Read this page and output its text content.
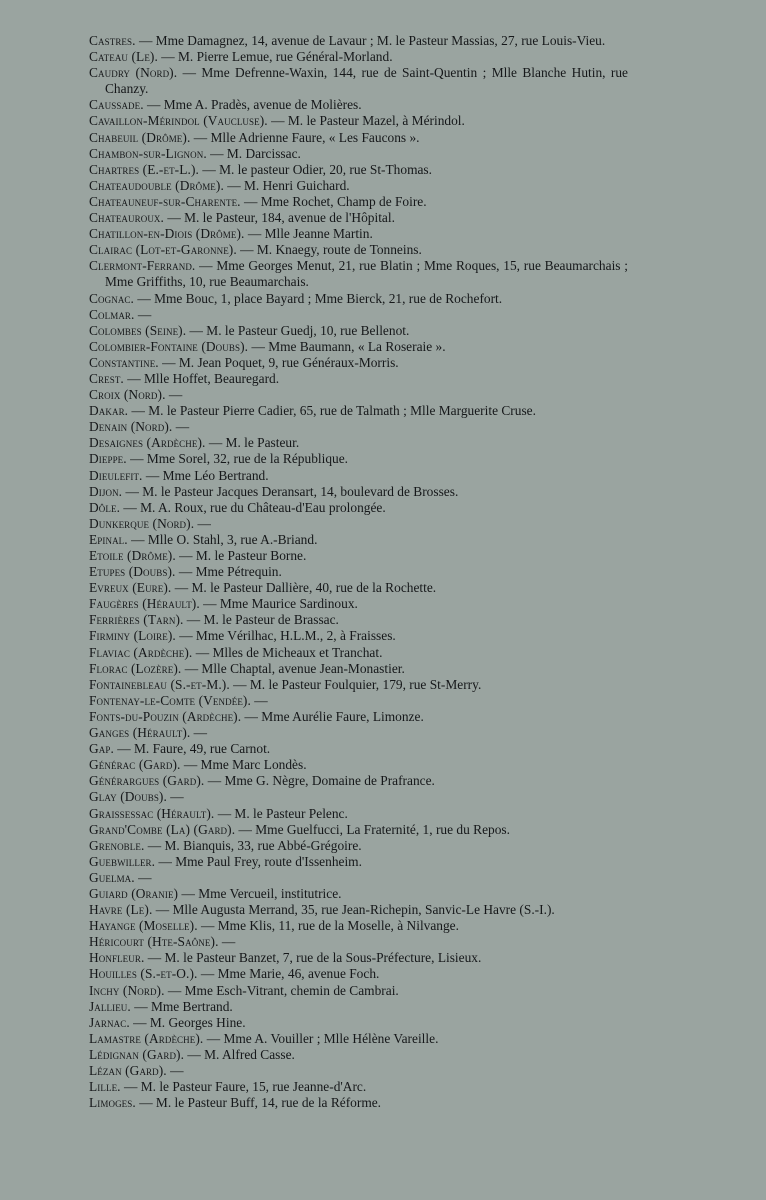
Castres. — Mme Damagnez, 14, avenue de Lavaur ; M. le Pasteur Massias, 27, rue Louis-Vieu.
Cateau (Le). — M. Pierre Lemue, rue Général-Morland.
Caudry (Nord). — Mme Defrenne-Waxin, 144, rue de Saint-Quentin ; Mlle Blanche Hutin, rue Chanzy.
Caussade. — Mme A. Pradès, avenue de Molières.
Cavaillon-Mérindol (Vaucluse). — M. le Pasteur Mazel, à Mérindol.
Chabeuil (Drôme). — Mlle Adrienne Faure, « Les Faucons ».
Chambon-sur-Lignon. — M. Darcissac.
Chartres (E.-et-L.). — M. le pasteur Odier, 20, rue St-Thomas.
Chateaudouble (Drôme). — M. Henri Guichard.
Chateauneuf-sur-Charente. — Mme Rochet, Champ de Foire.
Chateauroux. — M. le Pasteur, 184, avenue de l'Hôpital.
Chatillon-en-Diois (Drôme). — Mlle Jeanne Martin.
Clairac (Lot-et-Garonne). — M. Knaegy, route de Tonneins.
Clermont-Ferrand. — Mme Georges Menut, 21, rue Blatin ; Mme Roques, 15, rue Beaumarchais ; Mme Griffiths, 10, rue Beaumarchais.
Cognac. — Mme Bouc, 1, place Bayard ; Mme Bierck, 21, rue de Rochefort.
Colmar. —
Colombes (Seine). — M. le Pasteur Guedj, 10, rue Bellenot.
Colombier-Fontaine (Doubs). — Mme Baumann, « La Roseraie ».
Constantine. — M. Jean Poquet, 9, rue Généraux-Morris.
Crest. — Mlle Hoffet, Beauregard.
Croix (Nord). —
Dakar. — M. le Pasteur Pierre Cadier, 65, rue de Talmath ; Mlle Marguerite Cruse.
Denain (Nord). —
Desaignes (Ardèche). — M. le Pasteur.
Dieppe. — Mme Sorel, 32, rue de la République.
Dieulefit. — Mme Léo Bertrand.
Dijon. — M. le Pasteur Jacques Deransart, 14, boulevard de Brosses.
Dôle. — M. A. Roux, rue du Château-d'Eau prolongée.
Dunkerque (Nord). —
Epinal. — Mlle O. Stahl, 3, rue A.-Briand.
Etoile (Drôme). — M. le Pasteur Borne.
Etupes (Doubs). — Mme Pétrequin.
Evreux (Eure). — M. le Pasteur Dallière, 40, rue de la Rochette.
Faugères (Hérault). — Mme Maurice Sardinoux.
Ferrières (Tarn). — M. le Pasteur de Brassac.
Firminy (Loire). — Mme Vérilhac, H.L.M., 2, à Fraisses.
Flaviac (Ardèche). — Mlles de Micheaux et Tranchat.
Florac (Lozère). — Mlle Chaptal, avenue Jean-Monastier.
Fontainebleau (S.-et-M.). — M. le Pasteur Foulquier, 179, rue St-Merry.
Fontenay-le-Comte (Vendée). —
Fonts-du-Pouzin (Ardèche). — Mme Aurélie Faure, Limonze.
Ganges (Hérault). —
Gap. — M. Faure, 49, rue Carnot.
Générac (Gard). — Mme Marc Londès.
Générargues (Gard). — Mme G. Nègre, Domaine de Prafrance.
Glay (Doubs). —
Graissessac (Hérault). — M. le Pasteur Pelenc.
Grand'Combe (La) (Gard). — Mme Guelfucci, La Fraternité, 1, rue du Repos.
Grenoble. — M. Bianquis, 33, rue Abbé-Grégoire.
Guebwiller. — Mme Paul Frey, route d'Issenheim.
Guelma. —
Guiard (Oranie) — Mme Vercueil, institutrice.
Havre (Le). — Mlle Augusta Merrand, 35, rue Jean-Richepin, Sanvic-Le Havre (S.-I.).
Hayange (Moselle). — Mme Klis, 11, rue de la Moselle, à Nilvange.
Héricourt (Hte-Saône). —
Honfleur. — M. le Pasteur Banzet, 7, rue de la Sous-Préfecture, Lisieux.
Houilles (S.-et-O.). — Mme Marie, 46, avenue Foch.
Inchy (Nord). — Mme Esch-Vitrant, chemin de Cambrai.
Jallieu. — Mme Bertrand.
Jarnac. — M. Georges Hine.
Lamastre (Ardèche). — Mme A. Vouiller ; Mlle Hélène Vareille.
Lédignan (Gard). — M. Alfred Casse.
Lézan (Gard). —
Lille. — M. le Pasteur Faure, 15, rue Jeanne-d'Arc.
Limoges. — M. le Pasteur Buff, 14, rue de la Réforme.
